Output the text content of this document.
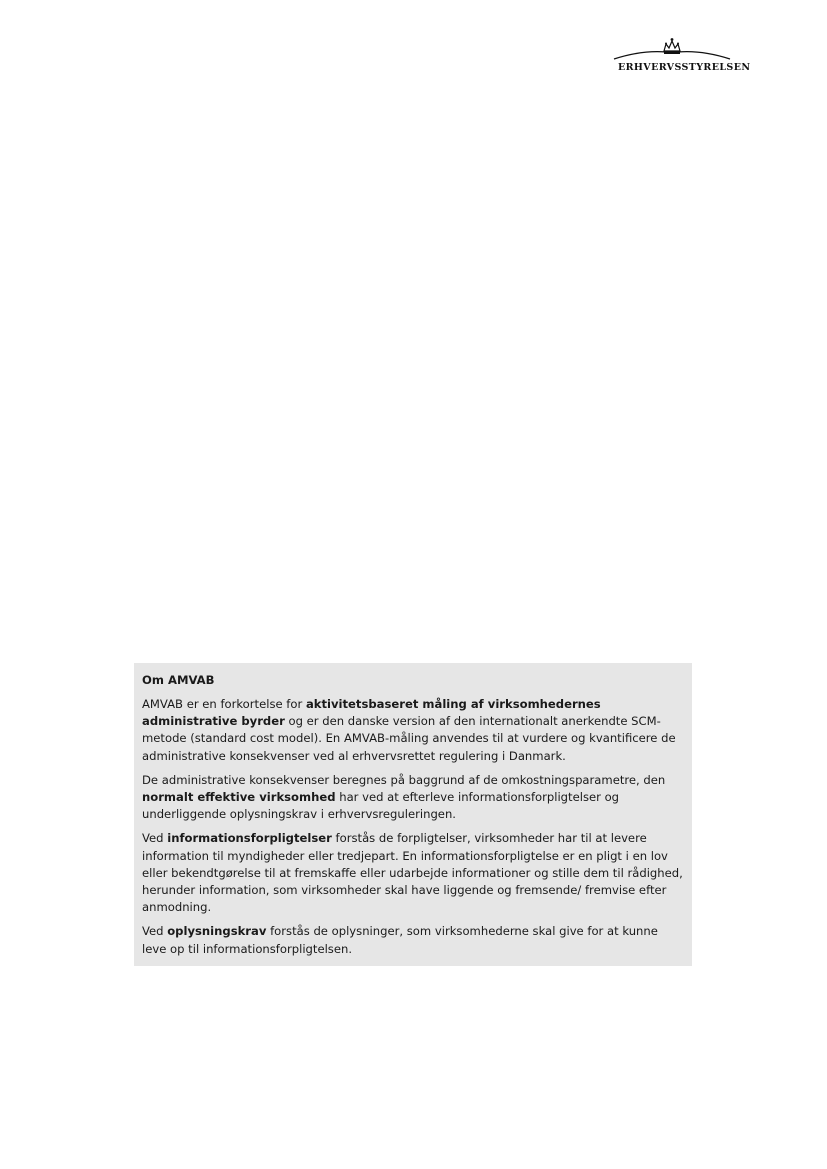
ERHVERVSSTYRELSEN
Om AMVAB

AMVAB er en forkortelse for aktivitetsbaseret måling af virksomhedernes administrative byrder og er den danske version af den internationalt anerkendte SCM-metode (standard cost model). En AMVAB-måling anvendes til at vurdere og kvantificere de administrative konsekvenser ved al erhvervsrettet regulering i Danmark.

De administrative konsekvenser beregnes på baggrund af de omkostningsparametre, den normalt effektive virksomhed har ved at efterleve informationsforpligtelser og underliggende oplysningskrav i erhvervsreguleringen.

Ved informationsforpligtelser forstås de forpligtelser, virksomheder har til at levere information til myndigheder eller tredjepart. En informationsforpligtelse er en pligt i en lov eller bekendtgørelse til at fremskaffe eller udarbejde informationer og stille dem til rådighed, herunder information, som virksomheder skal have liggende og fremsende/ fremvise efter anmodning.

Ved oplysningskrav forstås de oplysninger, som virksomhederne skal give for at kunne leve op til informationsforpligtelsen.
